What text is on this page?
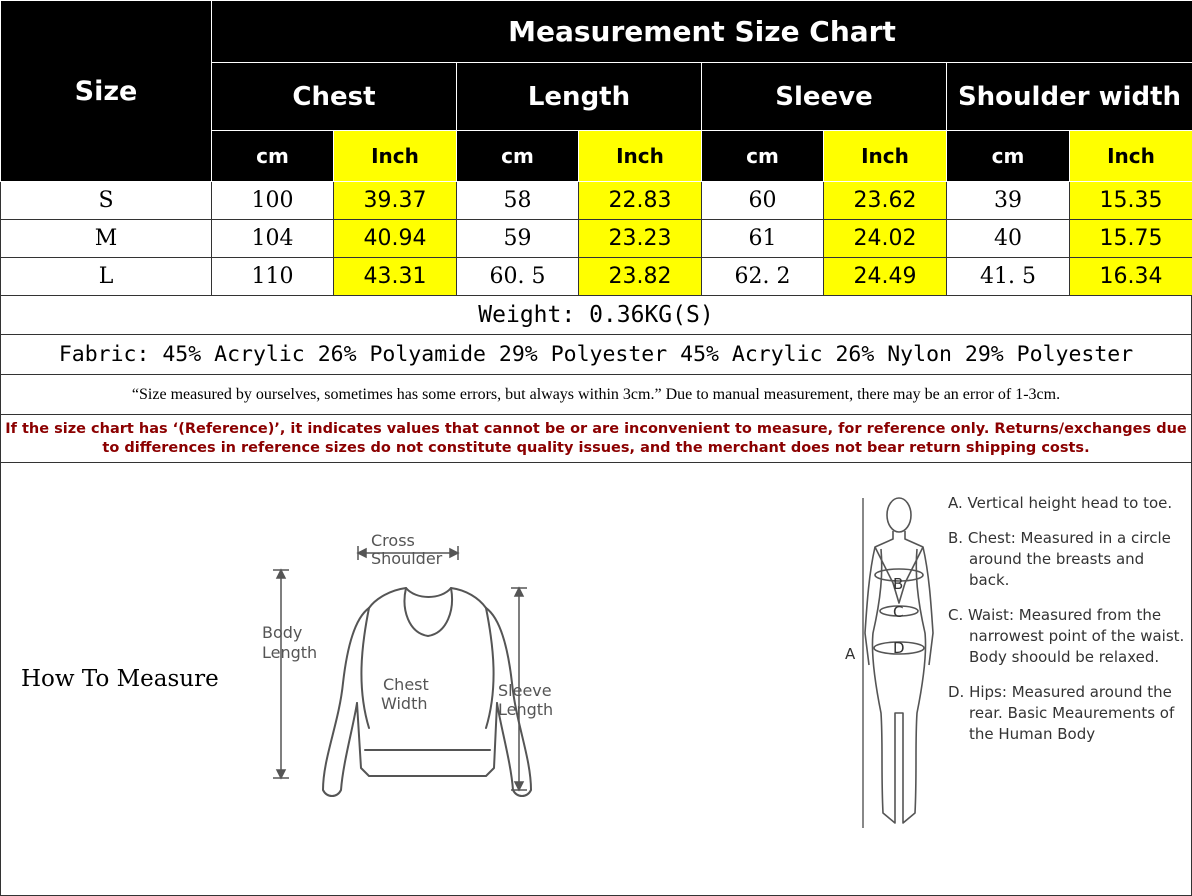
Size	Measurement Size Chart							
	Chest		Length		Sleeve		Shoulder width	
	cm	Inch	cm	Inch	cm	Inch	cm	Inch
S	100	39.37	58	22.83	60	23.62	39	15.35
M	104	40.94	59	23.23	61	24.02	40	15.75
L	110	43.31	60. 5	23.82	62. 2	24.49	41. 5	16.34
Weight: 0.36KG(S)
Fabric: 45% Acrylic 26% Polyamide 29% Polyester 45% Acrylic 26% Nylon 29% Polyester
“Size measured by ourselves, sometimes has some errors, but always within 3cm.” Due to manual measurement, there may be an error of 1-3cm.
If the size chart has ‘(Reference)’, it indicates values that cannot be or are inconvenient to measure, for reference only. Returns/exchanges due
to differences in reference sizes do not constitute quality issues, and the merchant does not bear return shipping costs.
How To Measure
Cross
Shoulder
Body
Length
Chest
Width
Sleeve
Length
A
B
C
D
A. Vertical height head to toe.
B. Chest: Measured in a circle around the breasts and back.
C. Waist: Measured from the narrowest point of the waist. Body shoould be relaxed.
D. Hips: Measured around the rear. Basic Meaurements of the Human Body
